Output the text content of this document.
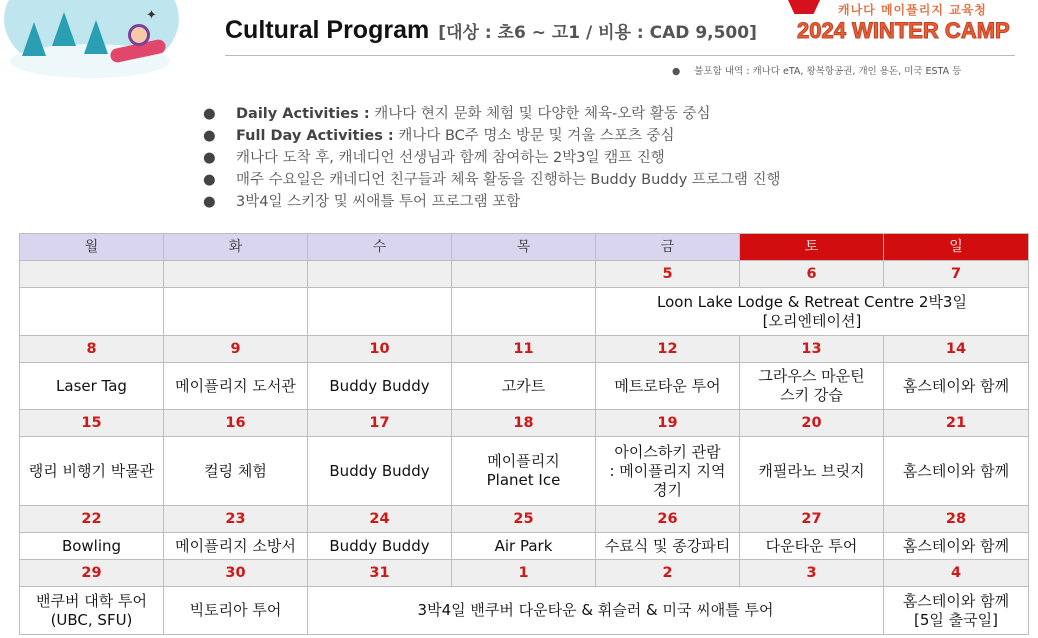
✦
Cultural Program [대상 : 초6 ~ 고1 / 비용 : CAD 9,500]
캐나다 메이플리지 교육청
2024 WINTER CAMP
● 불포함 내역 : 캐나다 eTA, 왕복항공권, 개인 용돈, 미국 ESTA 등
● Daily Activities : 캐나다 현지 문화 체험 및 다양한 체육-오락 활동 중심
● Full Day Activities : 캐나다 BC주 명소 방문 및 겨울 스포츠 중심
● 캐나다 도착 후, 캐네디언 선생님과 함께 참여하는 2박3일 캠프 진행
● 매주 수요일은 캐네디언 친구들과 체육 활동을 진행하는 Buddy Buddy 프로그램 진행
● 3박4일 스키장 및 씨애틀 투어 프로그램 포함
월	화	수	목	금	토	일
				5	6	7
				Loon Lake Lodge & Retreat Centre 2박3일
[오리엔테이션]		
8	9	10	11	12	13	14
Laser Tag	메이플리지 도서관	Buddy Buddy	고카트	메트로타운 투어	그라우스 마운틴
스키 강습	홈스테이와 함께
15	16	17	18	19	20	21
랭리 비행기 박물관	컬링 체험	Buddy Buddy	메이플리지
Planet Ice	아이스하키 관람
: 메이플리지 지역
경기	캐필라노 브릿지	홈스테이와 함께
22	23	24	25	26	27	28
Bowling	메이플리지 소방서	Buddy Buddy	Air Park	수료식 및 종강파티	다운타운 투어	홈스테이와 함께
29	30	31	1	2	3	4
밴쿠버 대학 투어
(UBC, SFU)	빅토리아 투어	3박4일 밴쿠버 다운타운 & 휘슬러 & 미국 씨애틀 투어				홈스테이와 함께
[5일 출국일]
